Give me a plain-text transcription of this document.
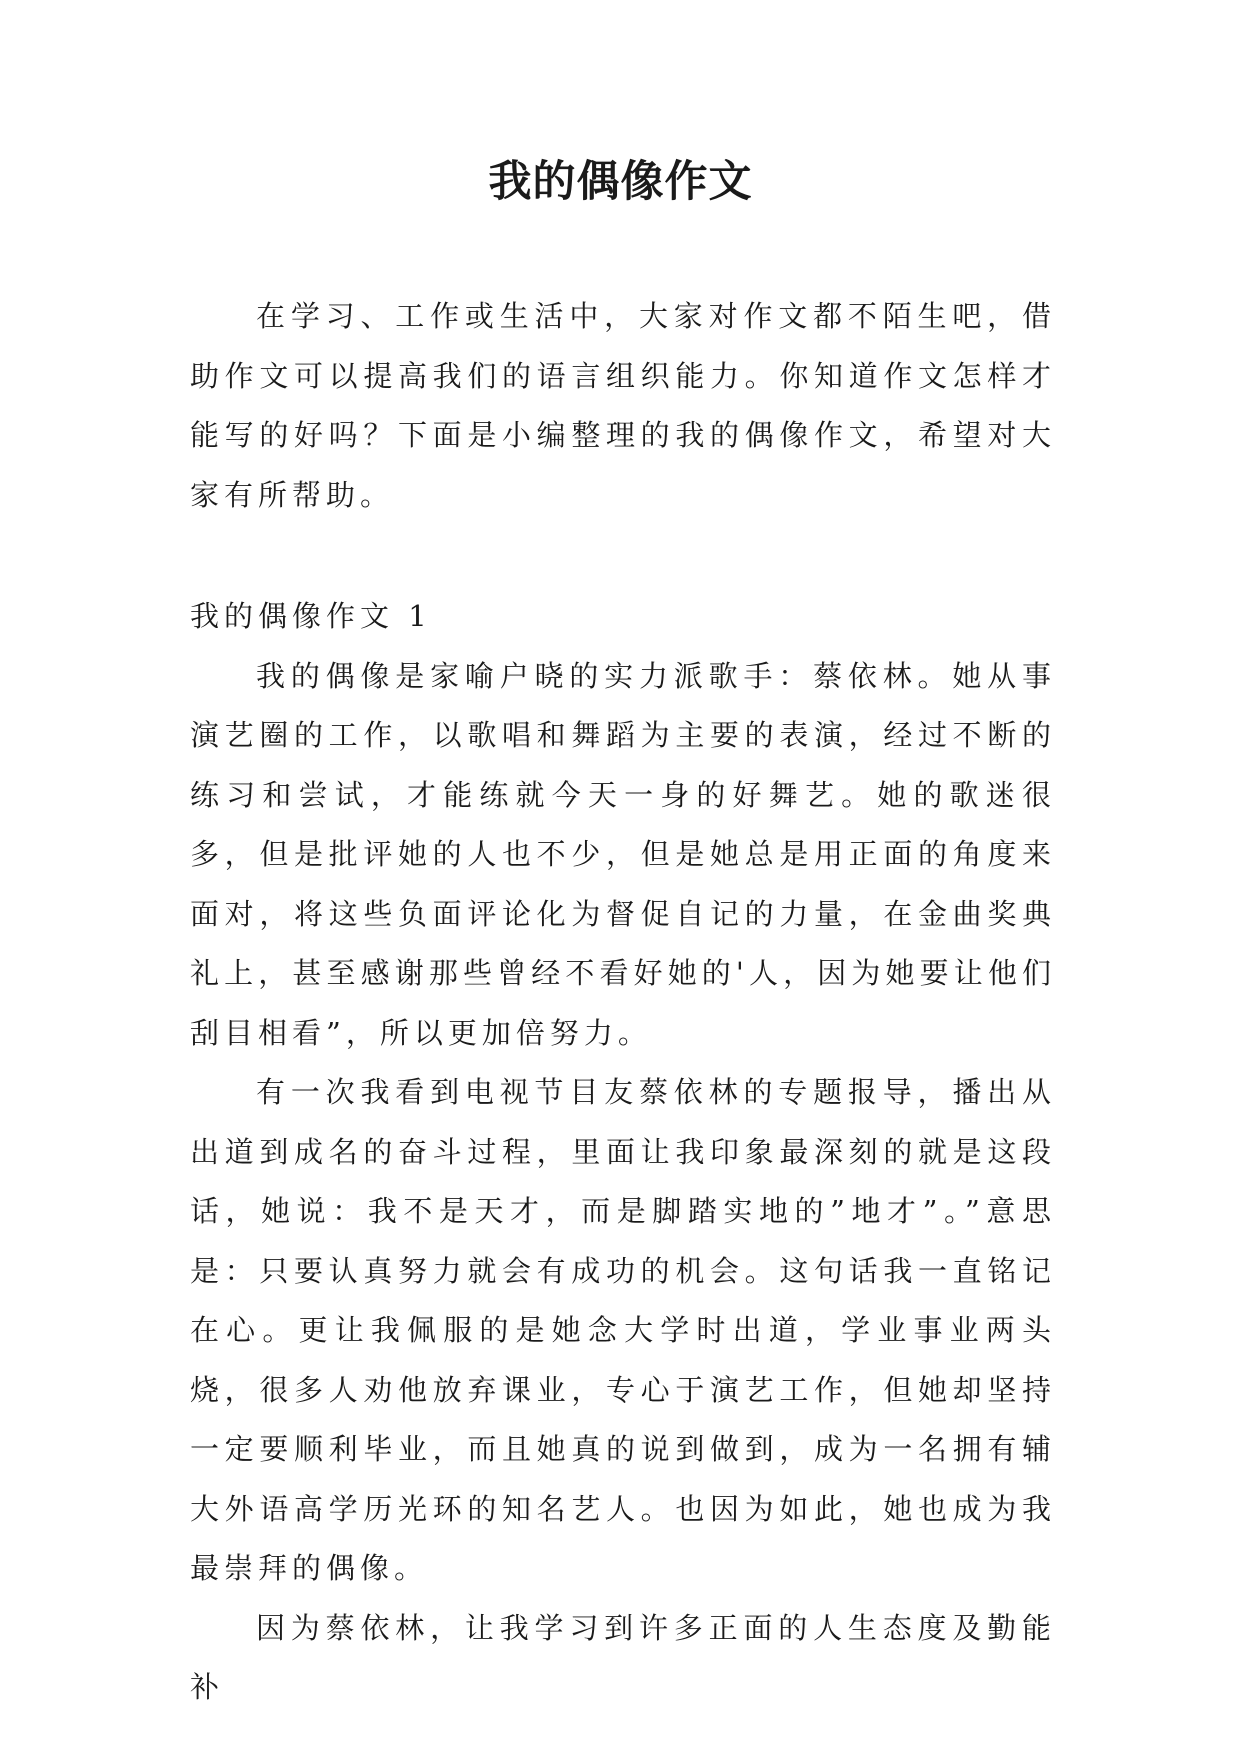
我的偶像作文

在学习、工作或生活中，大家对作文都不陌生吧，借助作文可以提高我们的语言组织能力。你知道作文怎样才能写的好吗？下面是小编整理的我的偶像作文，希望对大家有所帮助。

我的偶像作文 1

我的偶像是家喻户晓的实力派歌手：蔡依林。她从事演艺圈的工作，以歌唱和舞蹈为主要的表演，经过不断的练习和尝试，才能练就今天一身的好舞艺。她的歌迷很多，但是批评她的人也不少，但是她总是用正面的角度来面对，将这些负面评论化为督促自记的力量，在金曲奖典礼上，甚至感谢那些曾经不看好她的'人，因为她要让他们刮目相看”，所以更加倍努力。

有一次我看到电视节目友蔡依林的专题报导，播出从出道到成名的奋斗过程，里面让我印象最深刻的就是这段话，她说：我不是天才，而是脚踏实地的”地才”。”意思是：只要认真努力就会有成功的机会。这句话我一直铭记在心。更让我佩服的是她念大学时出道，学业事业两头烧，很多人劝他放弃课业，专心于演艺工作，但她却坚持一定要顺利毕业，而且她真的说到做到，成为一名拥有辅大外语高学历光环的知名艺人。也因为如此，她也成为我最崇拜的偶像。

因为蔡依林，让我学习到许多正面的人生态度及勤能补
